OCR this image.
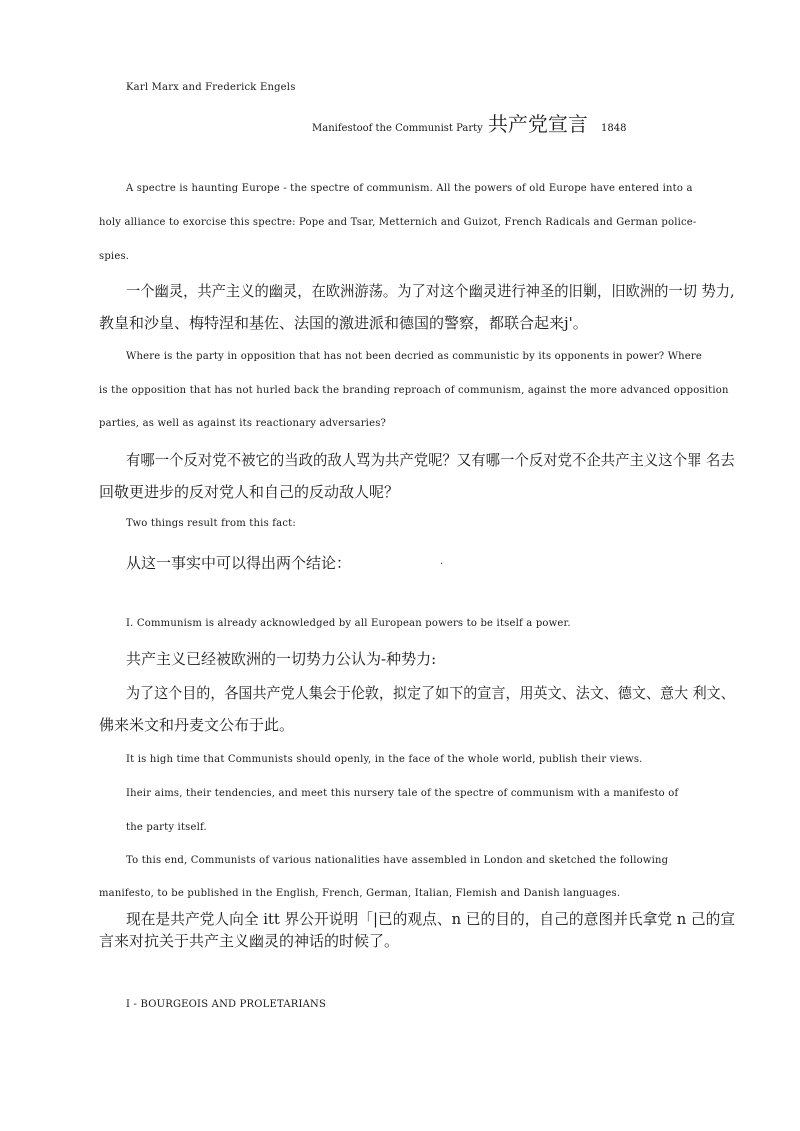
Karl Marx and Frederick Engels
Manifestoof the Communist Party 共产党宣言 1848
A spectre is haunting Europe - the spectre of communism. All the powers of old Europe have entered into a
holy alliance to exorcise this spectre: Pope and Tsar, Metternich and Guizot, French Radicals and German police-
spies.
一个幽灵，共产主义的幽灵，在欧洲游荡。为了对这个幽灵进行神圣的旧剿，旧欧洲的一切 势力,
教皇和沙皇、梅特涅和基佐、法国的激进派和德国的警察，都联合起来j'。
Where is the party in opposition that has not been decried as communistic by its opponents in power? Where
is the opposition that has not hurled back the branding reproach of communism, against the more advanced opposition
parties, as well as against its reactionary adversaries?
有哪一个反对党不被它的当政的敌人骂为共产党呢？又有哪一个反对党不企共产主义这个罪 名去
回敬更进步的反对党人和自己的反动敌人呢？
Two things result from this fact:
从这一事实中可以得出两个结论：	.
I. Communism is already acknowledged by all European powers to be itself a power.
共产主义已经被欧洲的一切势力公认为-种势力:
为了这个目的，各国共产党人集会于伦敦，拟定了如下的宣言，用英文、法文、德文、意大 利文、
佛来米文和丹麦文公布于此。
It is high time that Communists should openly, in the face of the whole world, publish their views.
Iheir aims, their tendencies, and meet this nursery tale of the spectre of communism with a manifesto of
the party itself.
To this end, Communists of various nationalities have assembled in London and sketched the following
manifesto, to be published in the English, French, German, Italian, Flemish and Danish languages.
现在是共产党人向全 itt 界公开说明「|已的观点、n 已的目的，自己的意图并氏拿党 n 己的宣
言来对抗关于共产主义幽灵的神话的时候了。
I - BOURGEOIS AND PROLETARIANS
